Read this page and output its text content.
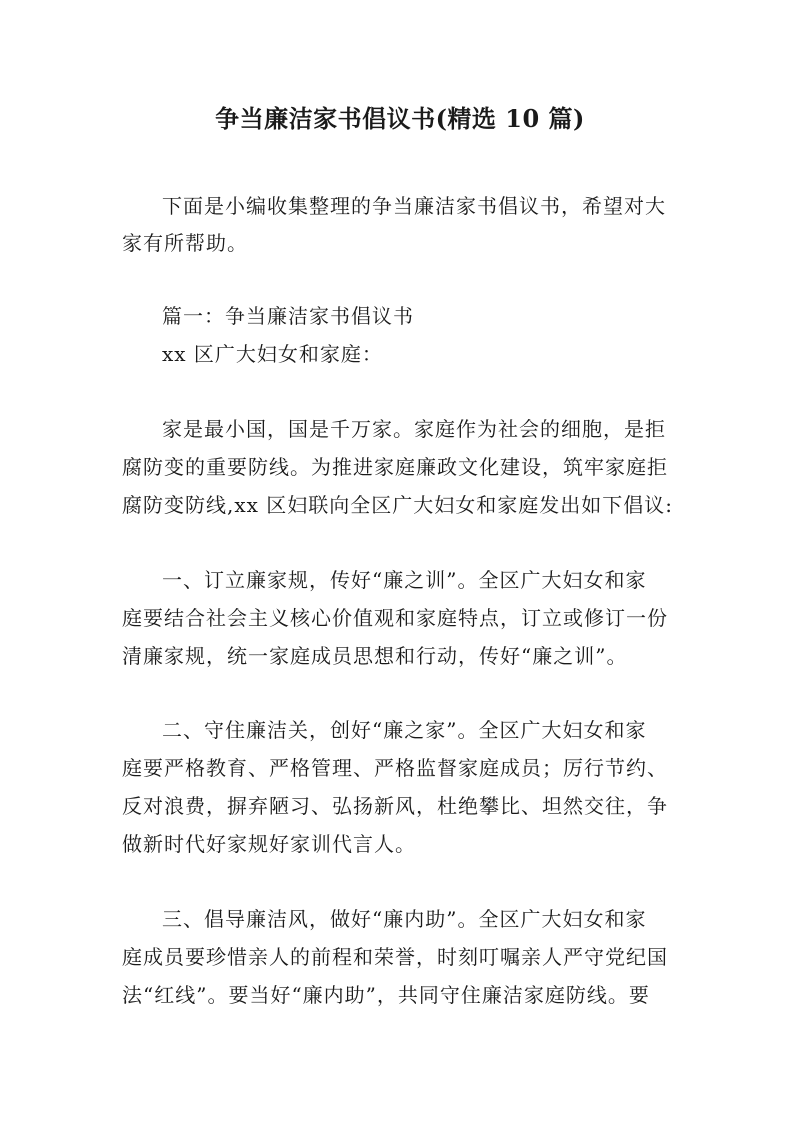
争当廉洁家书倡议书(精选 10 篇)
下面是小编收集整理的争当廉洁家书倡议书，希望对大
家有所帮助。
篇一：争当廉洁家书倡议书
xx 区广大妇女和家庭：
家是最小国，国是千万家。家庭作为社会的细胞，是拒
腐防变的重要防线。为推进家庭廉政文化建设，筑牢家庭拒
腐防变防线,xx 区妇联向全区广大妇女和家庭发出如下倡议:
一、订立廉家规，传好“廉之训”。全区广大妇女和家
庭要结合社会主义核心价值观和家庭特点，订立或修订一份
清廉家规，统一家庭成员思想和行动，传好“廉之训”。
二、守住廉洁关，创好“廉之家”。全区广大妇女和家
庭要严格教育、严格管理、严格监督家庭成员；厉行节约、
反对浪费，摒弃陋习、弘扬新风，杜绝攀比、坦然交往，争
做新时代好家规好家训代言人。
三、倡导廉洁风，做好“廉内助”。全区广大妇女和家
庭成员要珍惜亲人的前程和荣誉，时刻叮嘱亲人严守党纪国
法“红线”。要当好“廉内助”，共同守住廉洁家庭防线。要
